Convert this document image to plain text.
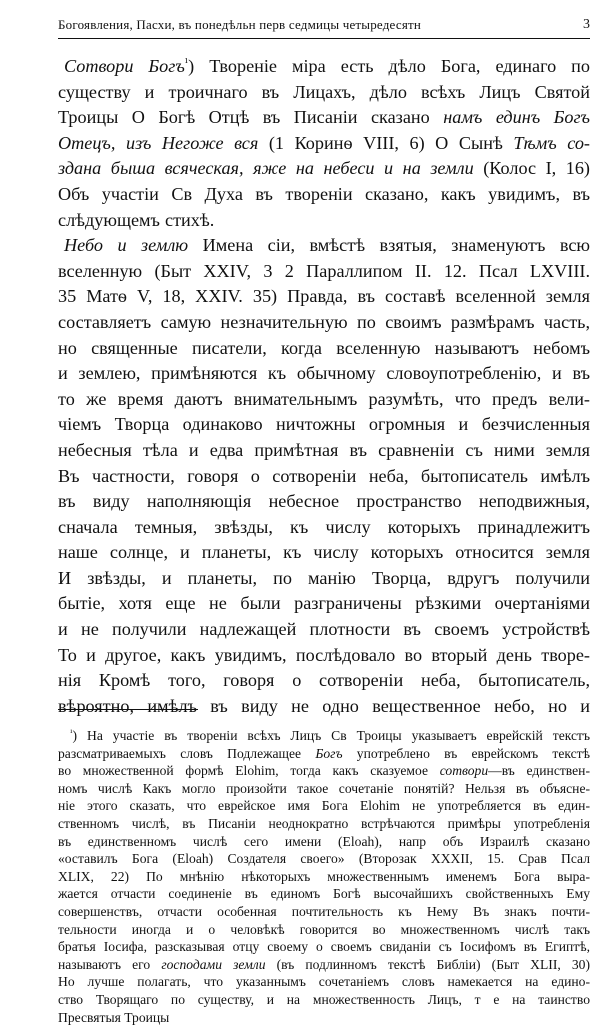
Богоявления, Пасхи, въ понедѣльн перв седмицы четыредесятн	3
Сотвори Богъ$^{^1}$) Творенiе мiра есть дѣло Бога, единаго по
существу и троичнаго въ Лицахъ, дѣло всѣхъ Лицъ Святой
Троицы О Богѣ Отцѣ въ Писанiи сказано намъ единъ Богъ
Отецъ, изъ Негоже вся (1 Коринѳ VIII, 6) О Сынѣ Тѣмъ со-
здана быша всяческая, яже на небеси и на земли (Колос I, 16)
Объ участiи Св Духа въ творенiи сказано, какъ увидимъ, въ
слѣдующемъ стихѣ.
Небо и землю Имена сiи, вмѣстѣ взятыя, знаменуютъ всю
вселенную (Быт XXIV, 3 2 Параллипом II. 12. Псал LXVIII.
35 Матѳ V, 18, XXIV. 35) Правда, въ составѣ вселенной земля
составляетъ самую незначительную по своимъ размѣрамъ часть,
но священные писатели, когда вселенную называютъ небомъ
и землею, примѣняются къ обычному словоупотребленiю, и въ
то же время даютъ внимательнымъ разумѣть, что предъ вели-
чiемъ Творца одинаково ничтожны огромныя и безчисленныя
небесныя тѣла и едва примѣтная въ сравненiи съ ними земля
Въ частности, говоря о сотворенiи неба, бытописатель имѣлъ
въ виду наполняющiя небесное пространство неподвижныя,
сначала темныя, звѣзды, къ числу которыхъ принадлежитъ
наше солнце, и планеты, къ числу которыхъ относится земля
И звѣзды, и планеты, по манiю Творца, вдругъ получили
бытiе, хотя еще не были разграничены рѣзкими очертанiями
и не получили надлежащей плотности въ своемъ устройствѣ
То и другое, какъ увидимъ, послѣдовало во вторый день творе-
нiя Кромѣ того, говоря о сотворенiи неба, бытописатель,
вѣроятно, имѣлъ въ виду не одно вещественное небо, но и
$^{^1}$) На участiе въ творенiи всѣхъ Лицъ Св Троицы указываетъ еврейскiй текстъ
разсматриваемыхъ словъ Подлежащее Богъ употреблено въ еврейскомъ текстѣ
во множественной формѣ Elohim, тогда какъ сказуемое сотвори—въ единствен-
номъ числѣ Какъ могло произойти такое сочетанiе понятiй? Нельзя въ объясне-
нiе этого сказать, что еврейское имя Бога Elohim не употребляется въ един-
ственномъ числѣ, въ Писанiи неоднократно встрѣчаются примѣры употребленiя
въ единственномъ числѣ сего имени (Eloah), напр объ Израилѣ сказано
«оставилъ Бога (Eloah) Создателя своего» (Второзак XXXII, 15. Срав Псал
XLIX, 22) По мнѣнiю нѣкоторыхъ множественнымъ именемъ Бога выра-
жается отчасти соединенiе въ единомъ Богѣ высочайшихъ свойственныхъ Ему
совершенствъ, отчасти особенная почтительность къ Нему Въ знакъ почти-
тельности иногда и о человѣкѣ говорится во множественномъ числѣ такъ
братья Iосифа, разсказывая отцу своему о своемъ свиданiи съ Iосифомъ въ Египтѣ,
называютъ его господами земли (въ подлинномъ текстѣ Библiи) (Быт XLII, 30)
Но лучше полагать, что указаннымъ сочетанiемъ словъ намекается на едино-
ство Творящаго по существу, и на множественность Лицъ, т е на таинство
Пресвятыя Троицы
